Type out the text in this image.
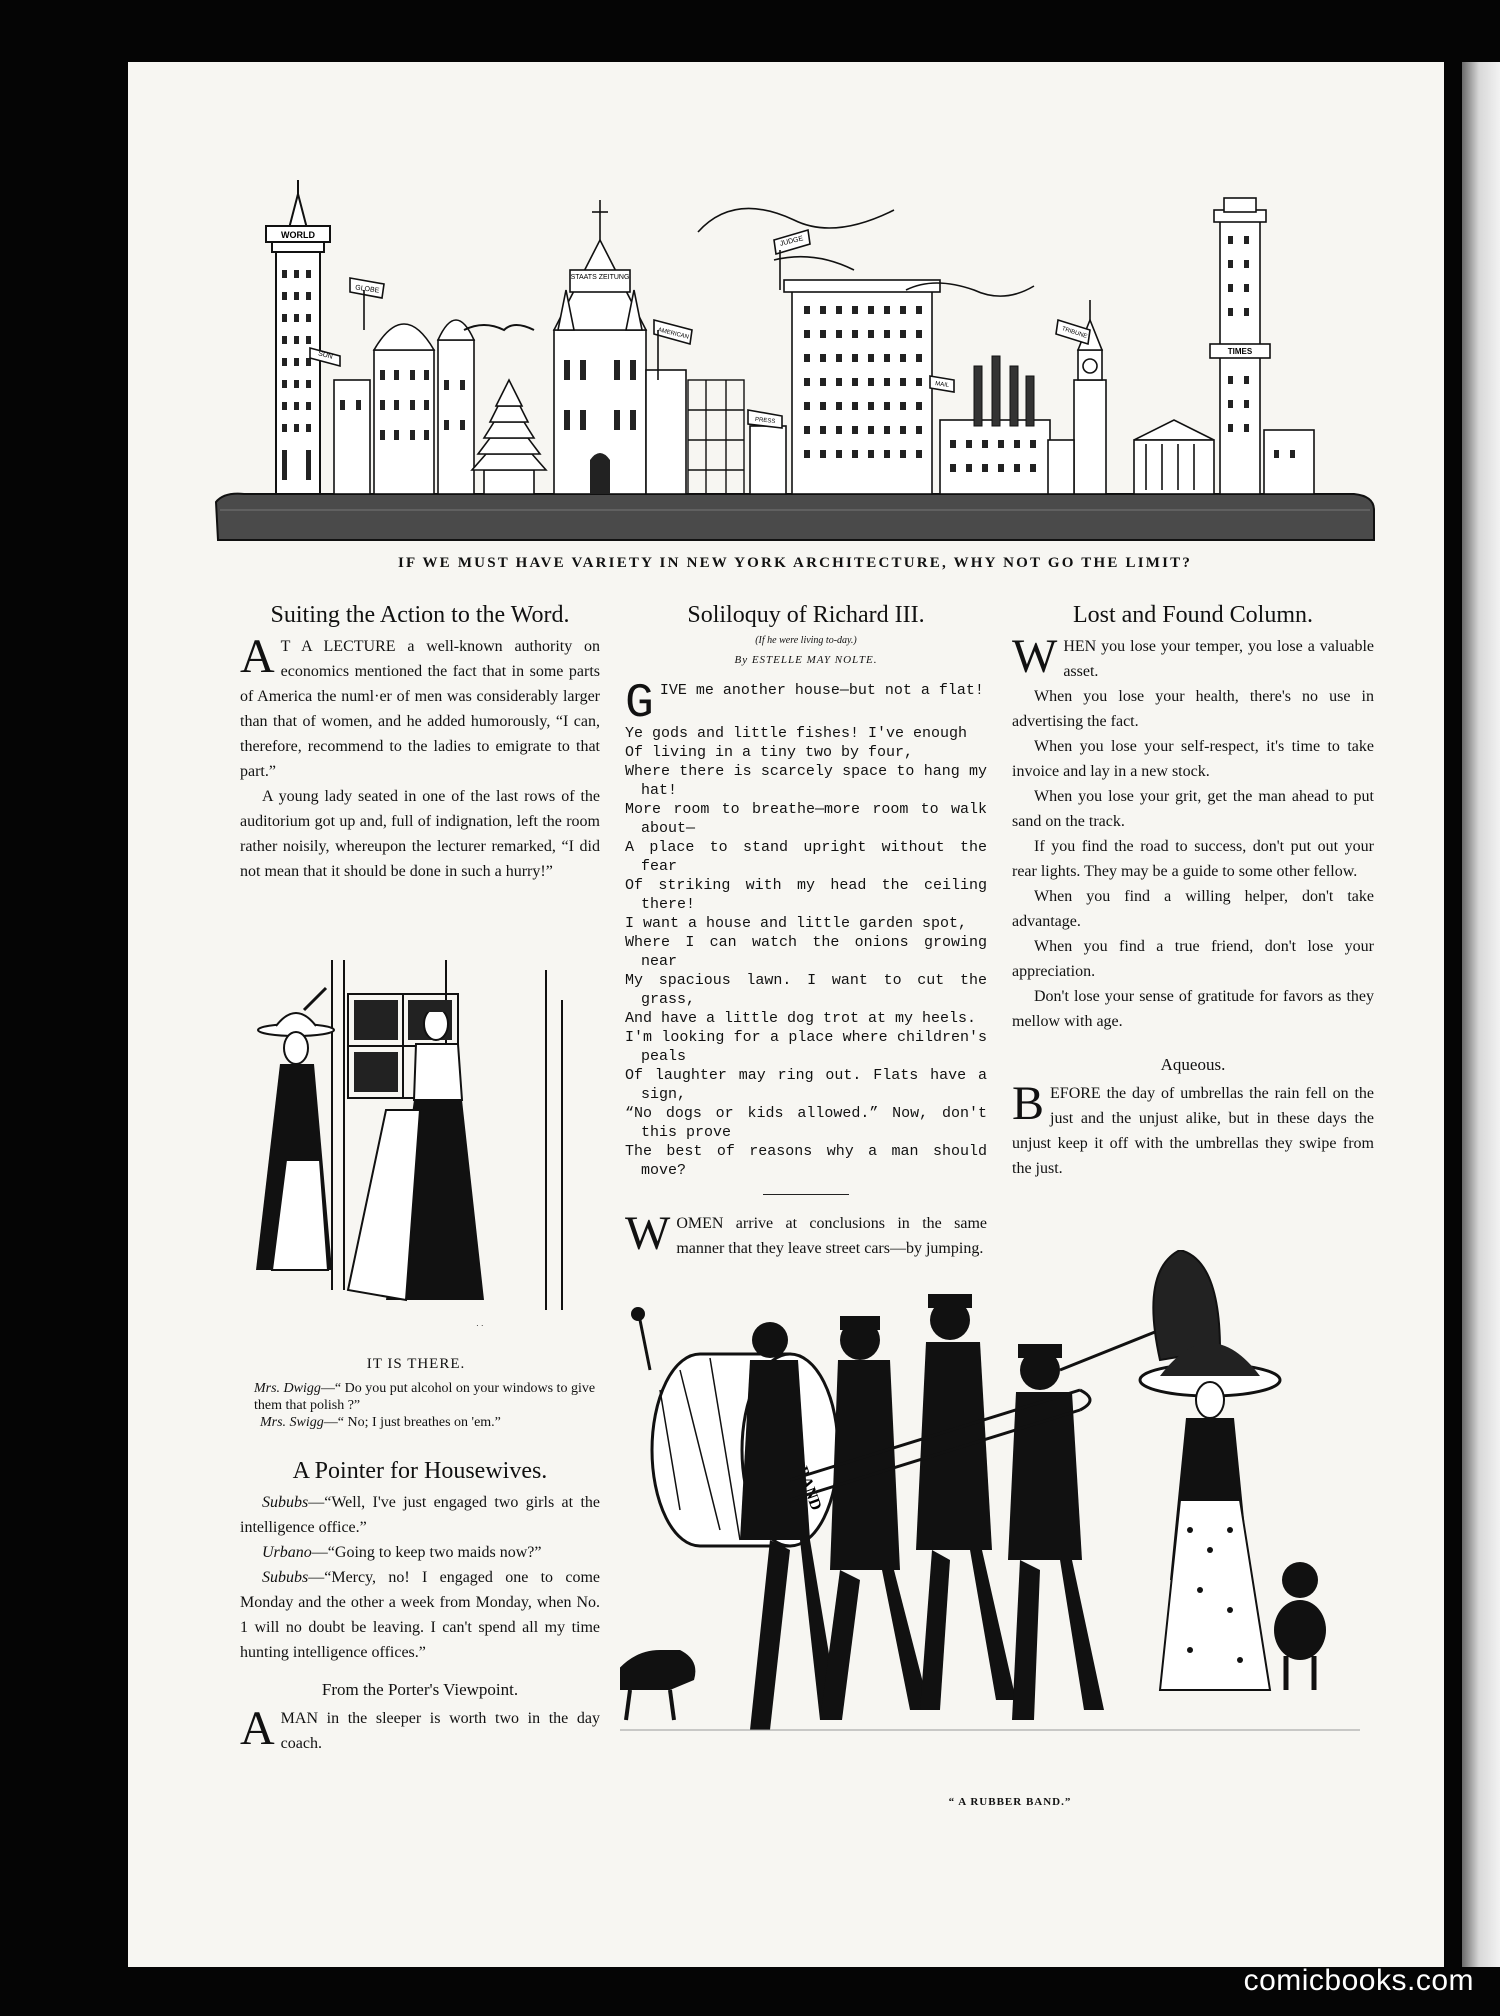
WORLD
SUN
GLOBE
STAATS ZEITUNG
AMERICAN
JUDGE
PRESS
MAIL
TRIBUNE
TIMES
IF WE MUST HAVE VARIETY IN NEW YORK ARCHITECTURE, WHY NOT GO THE LIMIT?
Suiting the Action to the Word.

A T A LECTURE a well-known authority on economics mentioned the fact that in some parts of America the numl·er of men was considerably larger than that of women, and he added humorously, “I can, therefore, recommend to the ladies to emigrate to that part.”

A young lady seated in one of the last rows of the auditorium got up and, full of indignation, left the room rather noisily, whereupon the lecturer remarked, “I did not mean that it should be done in such a hurry!”

· ·
IT IS THERE.
Mrs. Dwigg—“ Do you put alcohol on your windows to give them that polish ?”
Mrs. Swigg—“ No; I just breathes on 'em.”
A Pointer for Housewives.

Sububs—“Well, I've just engaged two girls at the intelligence office.”

Urbano—“Going to keep two maids now?”

Sububs—“Mercy, no! I engaged one to come Monday and the other a week from Monday, when No. 1 will no doubt be leaving. I can't spend all my time hunting intelligence offices.”

From the Porter's Viewpoint.

AMAN in the sleeper is worth two in the day coach.

Soliloquy of Richard III.
(If he were living to-day.)
By ESTELLE MAY NOLTE.
GIVE me another house—but not a flat!
Ye gods and little fishes! I've enough
Of living in a tiny two by four,
Where there is scarcely space to hang my hat!
More room to breathe—more room to walk about—
A place to stand upright without the fear
Of striking with my head the ceiling there!
I want a house and little garden spot,
Where I can watch the onions growing near
My spacious lawn. I want to cut the grass,
And have a little dog trot at my heels.
I'm looking for a place where children's peals
Of laughter may ring out. Flats have a sign,
“No dogs or kids allowed.” Now, don't this prove
The best of reasons why a man should move?

WOMEN arrive at conclusions in the same manner that they leave street cars—by jumping.

Lost and Found Column.

WHEN you lose your temper, you lose a valuable asset.

When you lose your health, there's no use in advertising the fact.

When you lose your self-respect, it's time to take invoice and lay in a new stock.

When you lose your grit, get the man ahead to put sand on the track.

If you find the road to success, don't put out your rear lights. They may be a guide to some other fellow.

When you find a willing helper, don't take advantage.

When you find a true friend, don't lose your appreciation.

Don't lose your sense of gratitude for favors as they mellow with age.

Aqueous.

BEFORE the day of umbrellas the rain fell on the just and the unjust alike, but in these days the unjust keep it off with the umbrellas they swipe from the just.

BAND
“ A RUBBER BAND.”
comicbooks.com
